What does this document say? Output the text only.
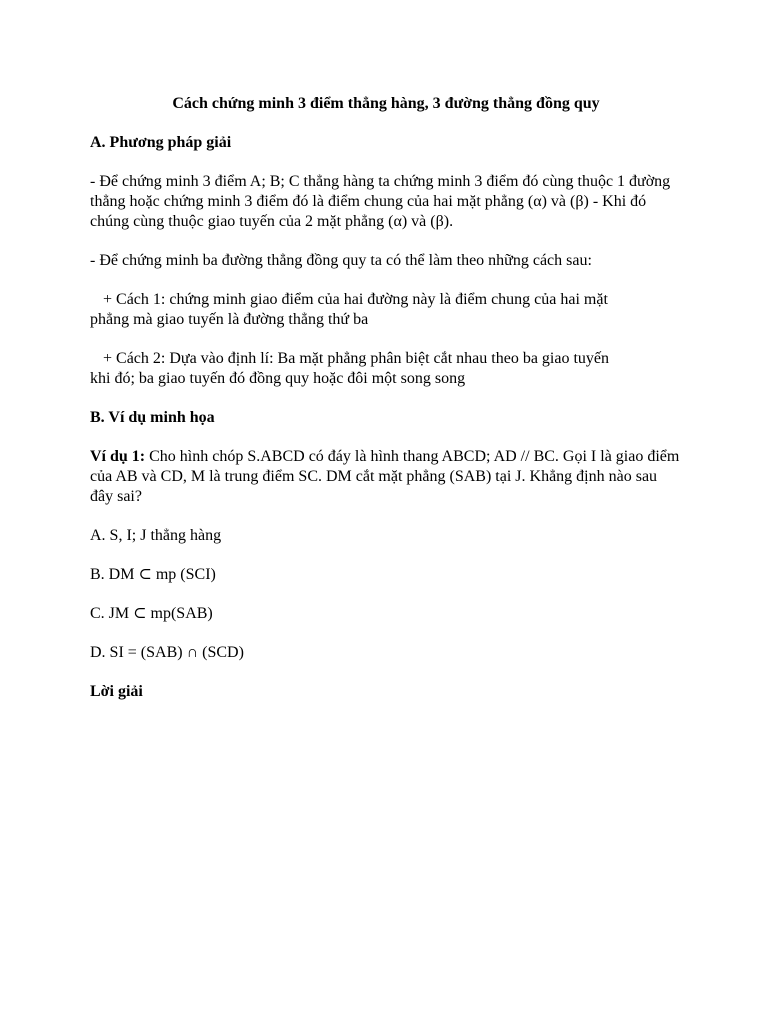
Cách chứng minh 3 điểm thẳng hàng, 3 đường thẳng đồng quy

A. Phương pháp giải

- Để chứng minh 3 điểm A; B; C thẳng hàng ta chứng minh 3 điểm đó cùng thuộc 1 đường thẳng hoặc chứng minh 3 điểm đó là điểm chung của hai mặt phẳng (α) và (β) - Khi đó chúng cùng thuộc giao tuyến của 2 mặt phẳng (α) và (β).

- Để chứng minh ba đường thẳng đồng quy ta có thể làm theo những cách sau:

+ Cách 1: chứng minh giao điểm của hai đường này là điểm chung của hai mặt
phẳng mà giao tuyến là đường thẳng thứ ba

+ Cách 2: Dựa vào định lí: Ba mặt phẳng phân biệt cắt nhau theo ba giao tuyến
khi đó; ba giao tuyến đó đồng quy hoặc đôi một song song

B. Ví dụ minh họa

Ví dụ 1: Cho hình chóp S.ABCD có đáy là hình thang ABCD; AD // BC. Gọi I là giao điểm của AB và CD, M là trung điểm SC. DM cắt mặt phẳng (SAB) tại J. Khẳng định nào sau đây sai?

A. S, I; J thẳng hàng

B. DM ⊂ mp (SCI)

C. JM ⊂ mp(SAB)

D. SI = (SAB) ∩ (SCD)

Lời giải
